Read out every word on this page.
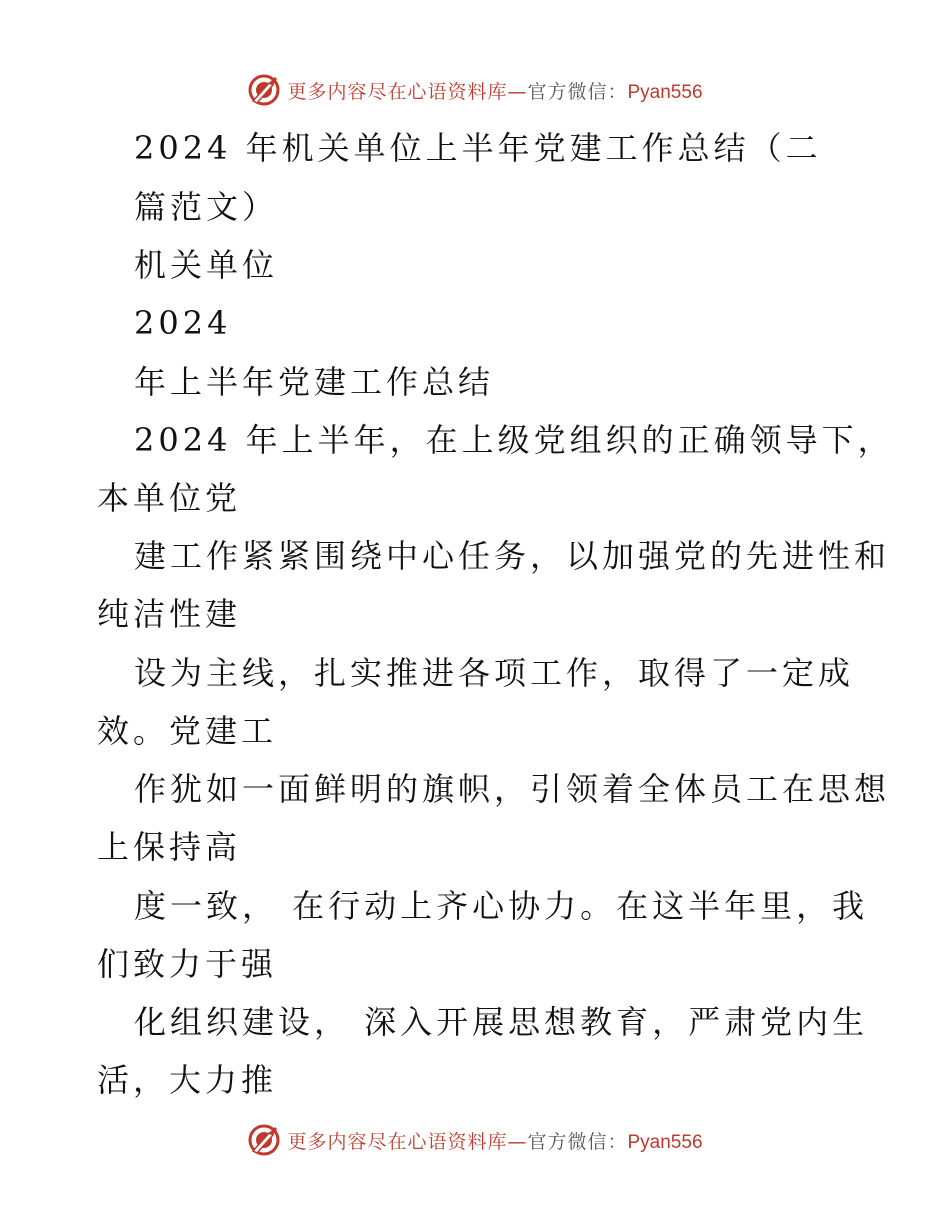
更多内容尽在心语资料库—官方微信：Pyan556
2024 年机关单位上半年党建工作总结（二
篇范文）
机关单位
2024
年上半年党建工作总结
2024 年上半年，在上级党组织的正确领导下，
本单位党
建工作紧紧围绕中心任务，以加强党的先进性和
纯洁性建
设为主线，扎实推进各项工作，取得了一定成
效。党建工
作犹如一面鲜明的旗帜，引领着全体员工在思想
上保持高
度一致， 在行动上齐心协力。在这半年里，我
们致力于强
化组织建设， 深入开展思想教育，严肃党内生
活，大力推
更多内容尽在心语资料库—官方微信：Pyan556
